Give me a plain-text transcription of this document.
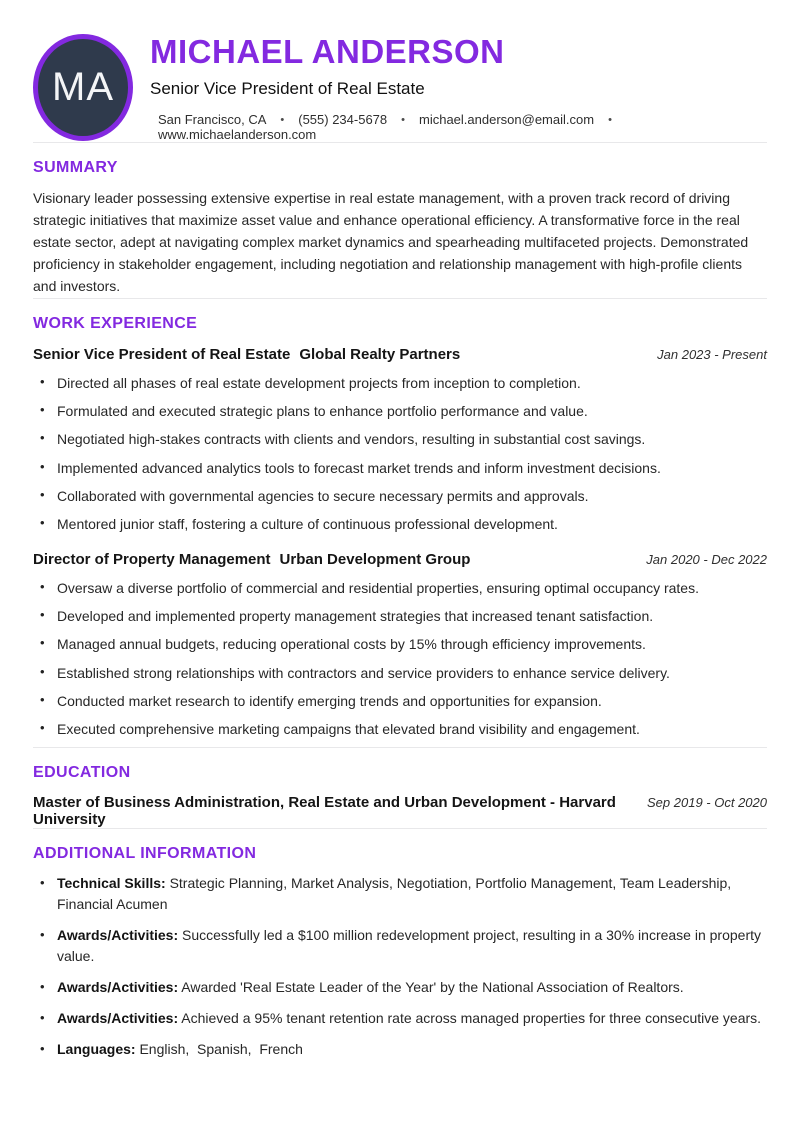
MA
MICHAEL ANDERSON
Senior Vice President of Real Estate
San Francisco, CA • (555) 234-5678 • michael.anderson@email.com •
www.michaelanderson.com
SUMMARY

Visionary leader possessing extensive expertise in real estate management, with a proven track record of driving strategic initiatives that maximize asset value and enhance operational efficiency. A transformative force in the real estate sector, adept at navigating complex market dynamics and spearheading multifaceted projects. Demonstrated proficiency in stakeholder engagement, including negotiation and relationship management with high-profile clients and investors.

WORK EXPERIENCE
Senior Vice President of Real Estate Global Realty Partners	Jan 2023 - Present
• Directed all phases of real estate development projects from inception to completion.
• Formulated and executed strategic plans to enhance portfolio performance and value.
• Negotiated high-stakes contracts with clients and vendors, resulting in substantial cost savings.
• Implemented advanced analytics tools to forecast market trends and inform investment decisions.
• Collaborated with governmental agencies to secure necessary permits and approvals.
• Mentored junior staff, fostering a culture of continuous professional development.
Director of Property Management Urban Development Group	Jan 2020 - Dec 2022
• Oversaw a diverse portfolio of commercial and residential properties, ensuring optimal occupancy rates.
• Developed and implemented property management strategies that increased tenant satisfaction.
• Managed annual budgets, reducing operational costs by 15% through efficiency improvements.
• Established strong relationships with contractors and service providers to enhance service delivery.
• Conducted market research to identify emerging trends and opportunities for expansion.
• Executed comprehensive marketing campaigns that elevated brand visibility and engagement.
EDUCATION
Master of Business Administration, Real Estate and Urban Development - Harvard University
Sep 2019 - Oct 2020
ADDITIONAL INFORMATION
• Technical Skills: Strategic Planning, Market Analysis, Negotiation, Portfolio Management, Team Leadership, Financial Acumen
• Awards/Activities: Successfully led a $100 million redevelopment project, resulting in a 30% increase in property value.
• Awards/Activities: Awarded 'Real Estate Leader of the Year' by the National Association of Realtors.
• Awards/Activities: Achieved a 95% tenant retention rate across managed properties for three consecutive years.
• Languages: English,  Spanish,  French
